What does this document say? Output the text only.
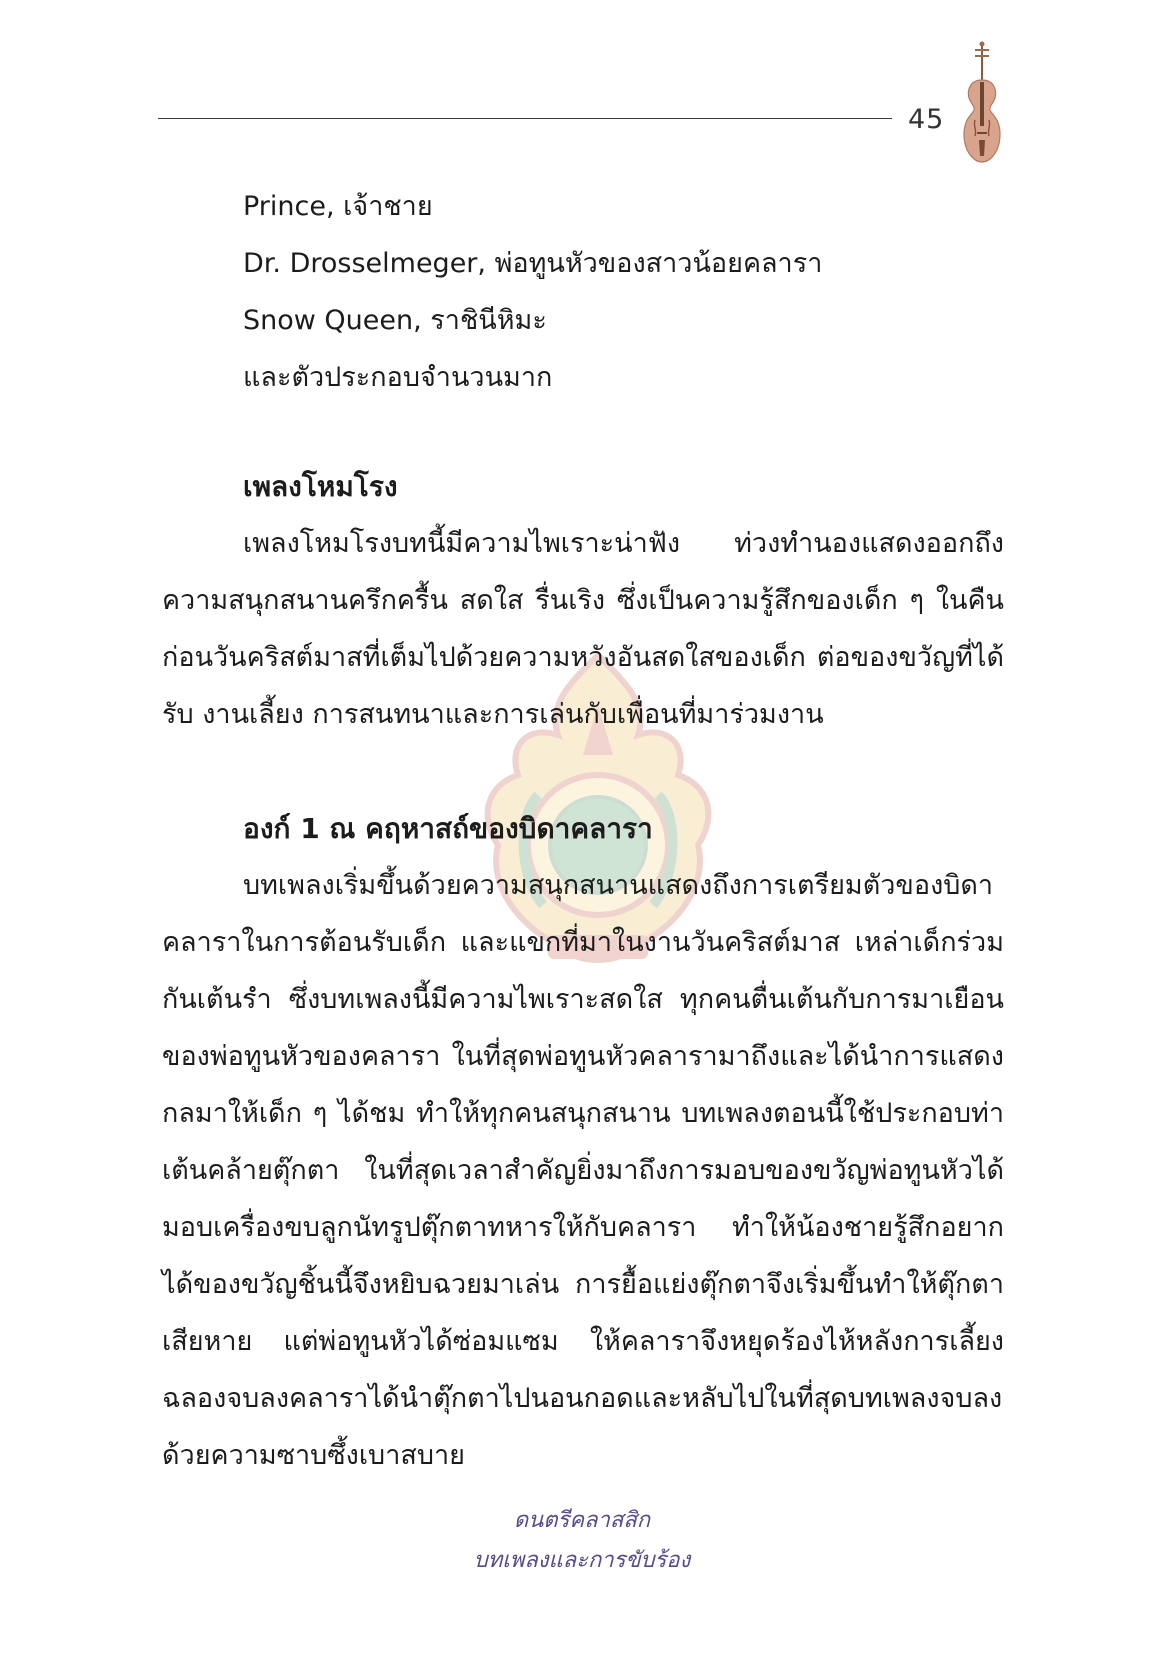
45
Prince, เจ้าชาย
Dr. Drosselmeger, พ่อทูนหัวของสาวน้อยคลารา
Snow Queen, ราชินีหิมะ
และตัวประกอบจำนวนมาก
เพลงโหมโรง

เพลงโหมโรงบทนี้มีความไพเราะน่าฟัง ท่วงทำนองแสดงออกถึงความสนุกสนานครึกครื้น สดใส รื่นเริง ซึ่งเป็นความรู้สึกของเด็ก ๆ ในคืนก่อนวันคริสต์มาสที่เต็มไปด้วยความหวังอันสดใสของเด็ก ต่อของขวัญที่ได้รับ งานเลี้ยง การสนทนาและการเล่นกับเพื่อนที่มาร่วมงาน

องก์ 1 ณ คฤหาสถ์ของบิดาคลารา

บทเพลงเริ่มขึ้นด้วยความสนุกสนานแสดงถึงการเตรียมตัวของบิดาคลาราในการต้อนรับเด็ก และแขกที่มาในงานวันคริสต์มาส เหล่าเด็กร่วมกันเต้นรำ ซึ่งบทเพลงนี้มีความไพเราะสดใส ทุกคนตื่นเต้นกับการมาเยือนของพ่อทูนหัวของคลารา ในที่สุดพ่อทูนหัวคลารามาถึงและได้นำการแสดงกลมาให้เด็ก ๆ ได้ชม ทำให้ทุกคนสนุกสนาน บทเพลงตอนนี้ใช้ประกอบท่าเต้นคล้ายตุ๊กตา ในที่สุดเวลาสำคัญยิ่งมาถึงการมอบของขวัญพ่อทูนหัวได้มอบเครื่องขบลูกนัทรูปตุ๊กตาทหารให้กับคลารา ทำให้น้องชายรู้สึกอยากได้ของขวัญชิ้นนี้จึงหยิบฉวยมาเล่น การยื้อแย่งตุ๊กตาจึงเริ่มขึ้นทำให้ตุ๊กตาเสียหาย แต่พ่อทูนหัวได้ซ่อมแซม ให้คลาราจึงหยุดร้องไห้หลังการเลี้ยงฉลองจบลงคลาราได้นำตุ๊กตาไปนอนกอดและหลับไปในที่สุดบทเพลงจบลงด้วยความซาบซึ้งเบาสบาย

ดนตรีคลาสสิก
บทเพลงและการขับร้อง
